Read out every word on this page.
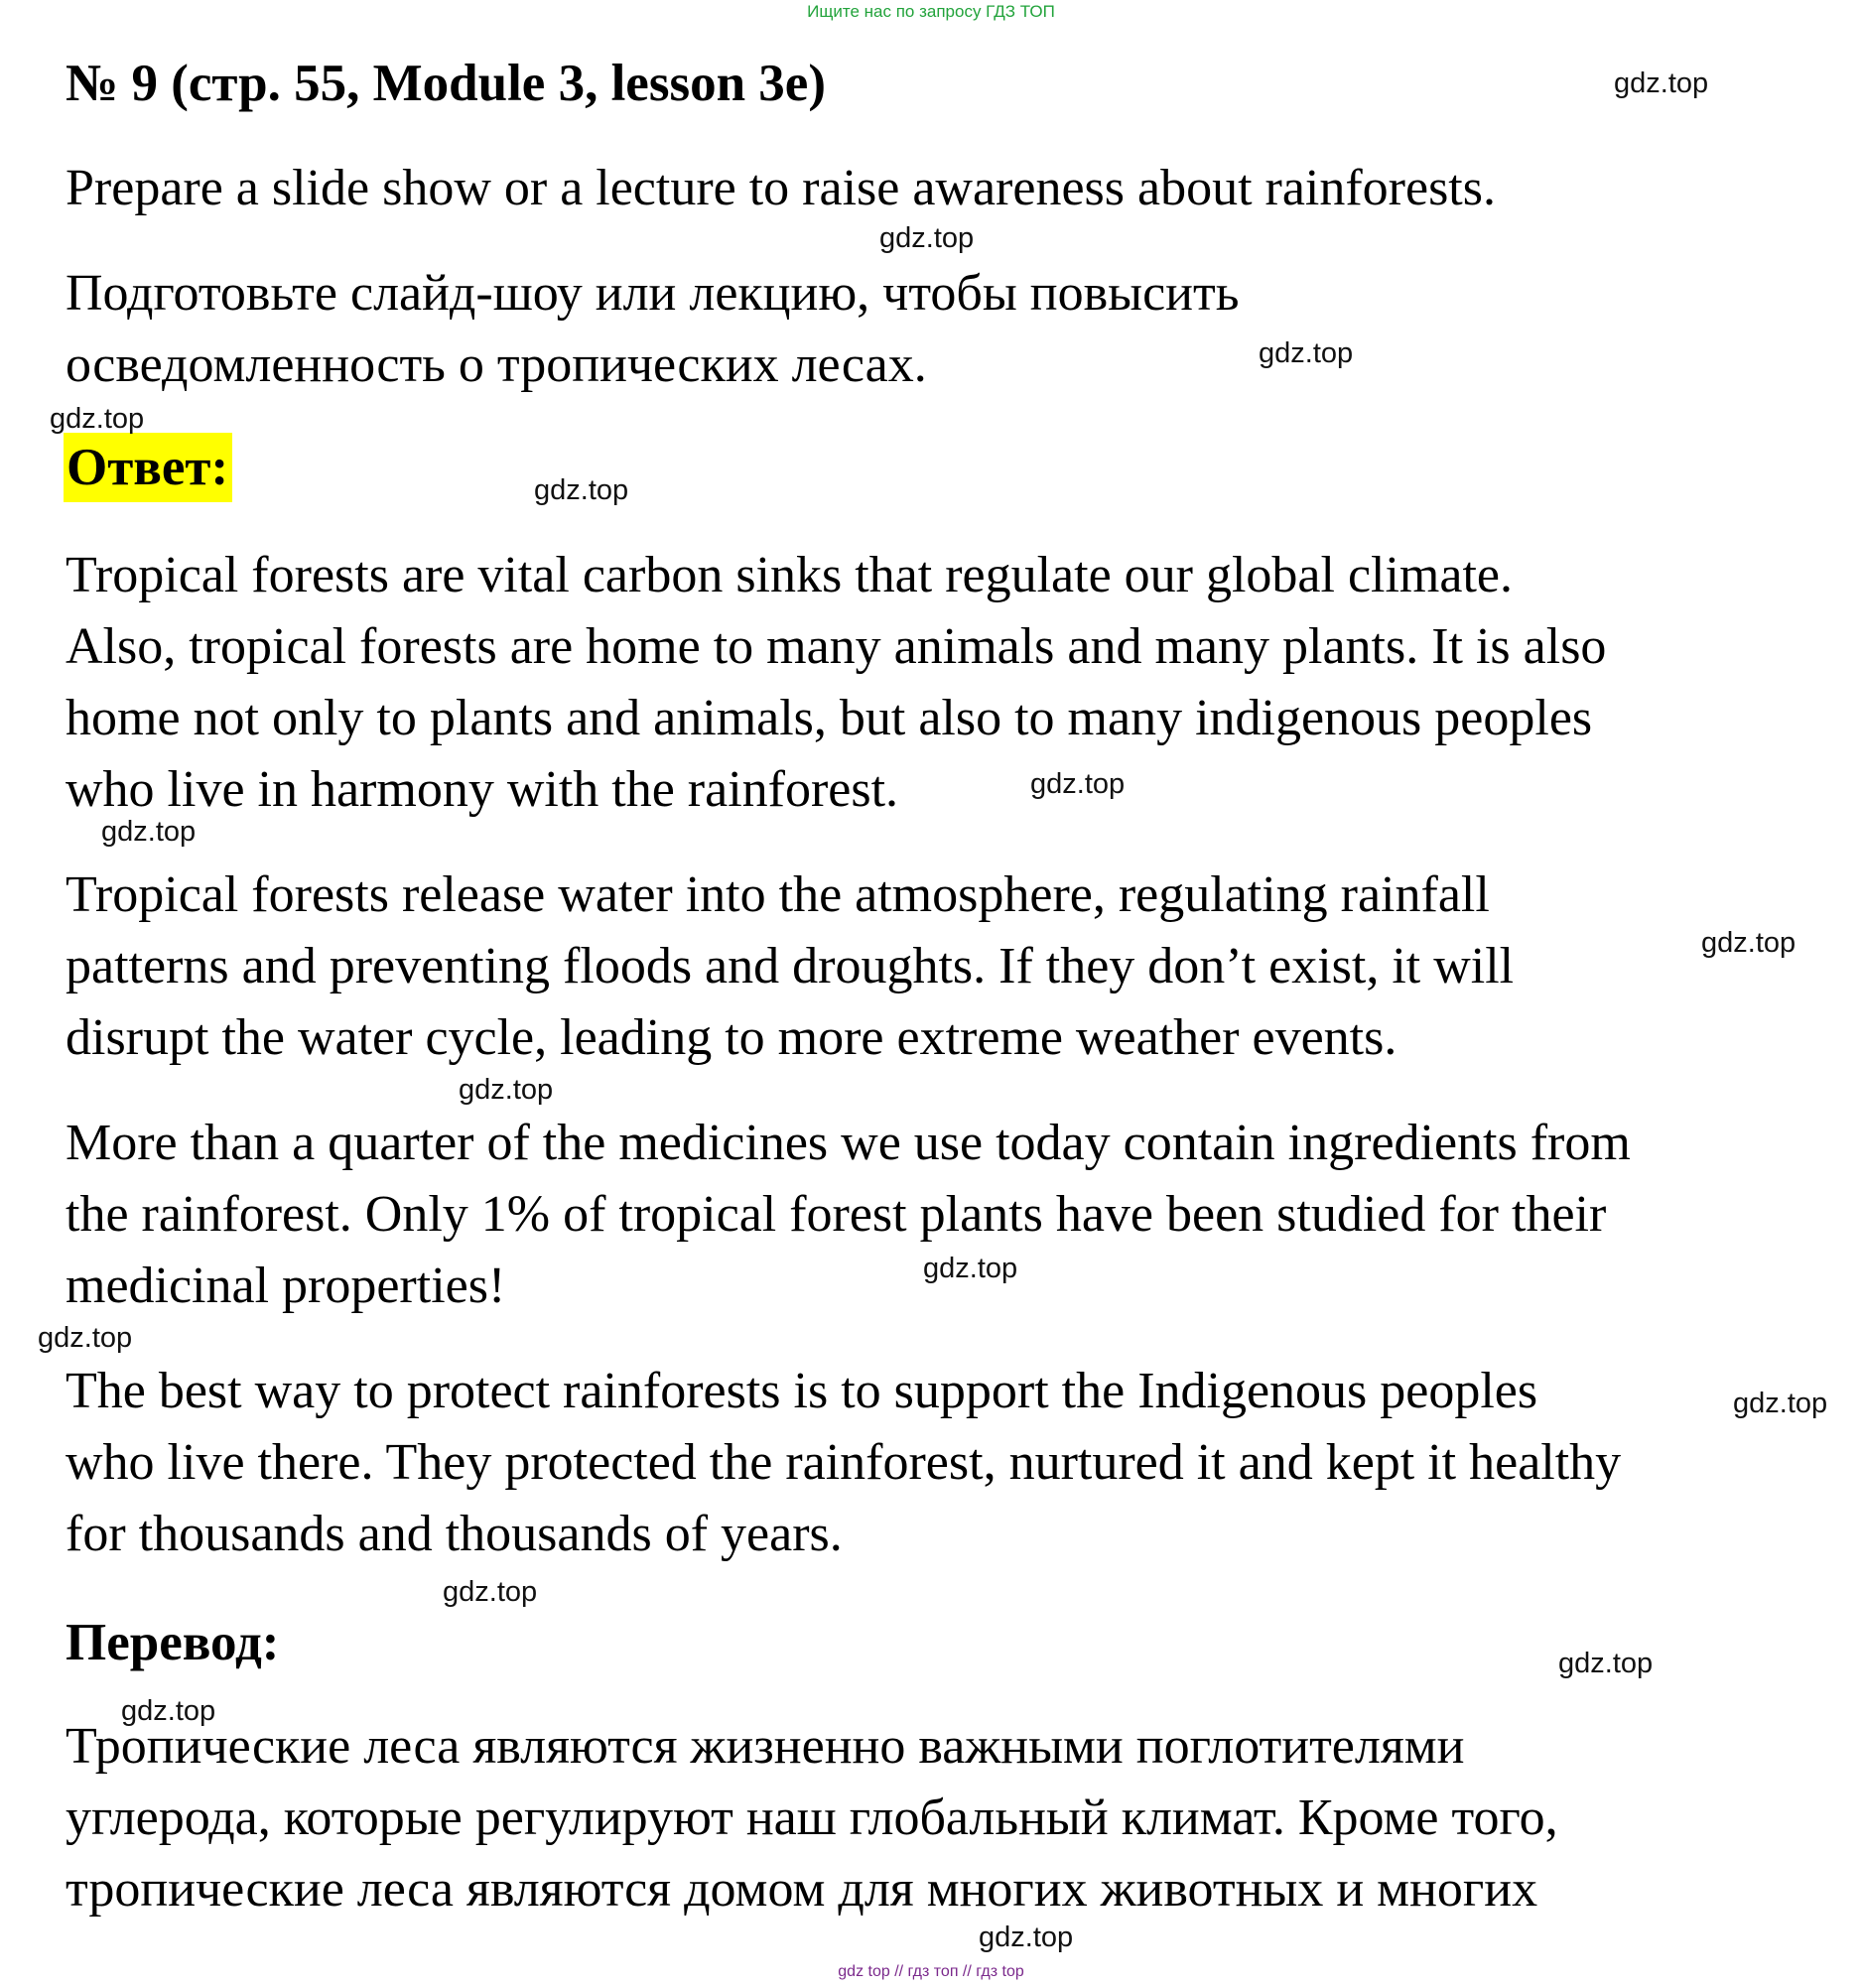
Ищите нас по запросу ГДЗ ТОП
№ 9 (стр. 55, Module 3, lesson 3e)
Prepare a slide show or a lecture to raise awareness about rainforests.
Подготовьте слайд-шоу или лекцию, чтобы повысить
осведомленность о тропических лесах.
Ответ:
Tropical forests are vital carbon sinks that regulate our global climate.
Also, tropical forests are home to many animals and many plants. It is also
home not only to plants and animals, but also to many indigenous peoples
who live in harmony with the rainforest.
Tropical forests release water into the atmosphere, regulating rainfall
patterns and preventing floods and droughts. If they don’t exist, it will
disrupt the water cycle, leading to more extreme weather events.
More than a quarter of the medicines we use today contain ingredients from
the rainforest. Only 1% of tropical forest plants have been studied for their
medicinal properties!
The best way to protect rainforests is to support the Indigenous peoples
who live there. They protected the rainforest, nurtured it and kept it healthy
for thousands and thousands of years.
Перевод:
Тропические леса являются жизненно важными поглотителями
углерода, которые регулируют наш глобальный климат. Кроме того,
тропические леса являются домом для многих животных и многих
gdz.top
gdz.top
gdz.top
gdz.top
gdz.top
gdz.top
gdz.top
gdz.top
gdz.top
gdz.top
gdz.top
gdz.top
gdz.top
gdz.top
gdz.top
gdz.top
gdz top // гдз топ // гдз top
